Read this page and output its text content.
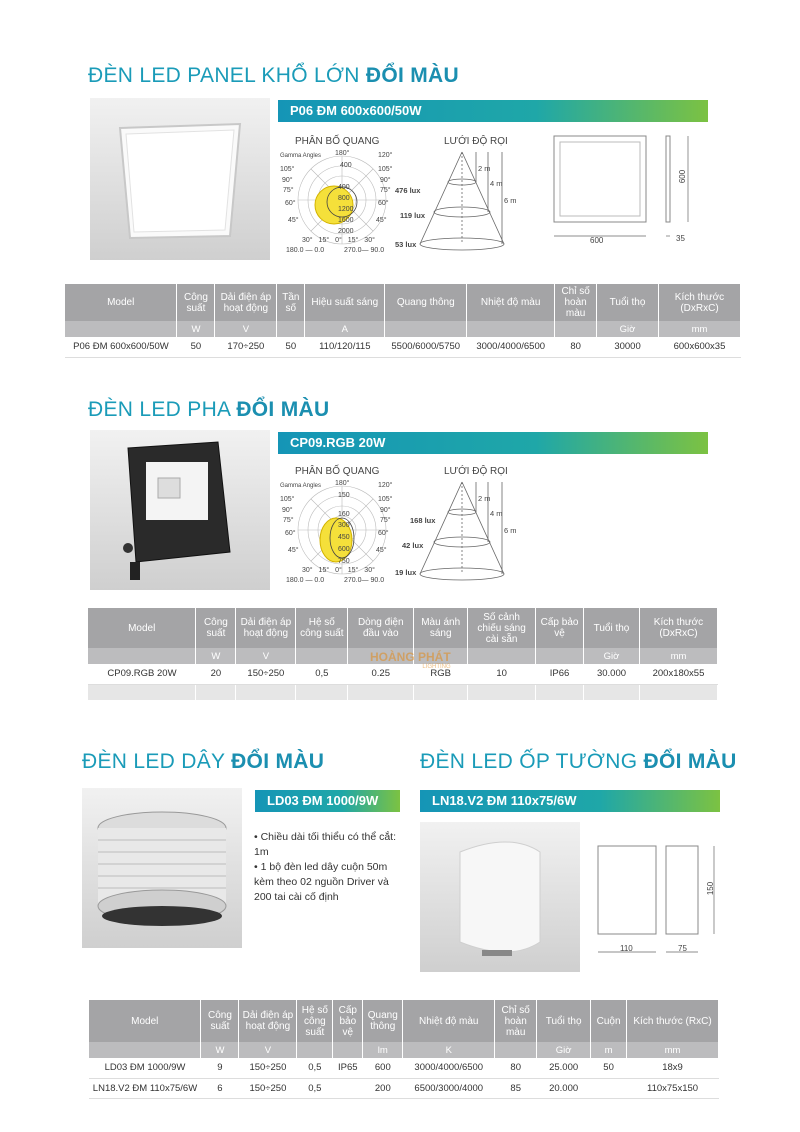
ĐÈN LED PANEL KHỔ LỚN ĐỔI MÀU
P06 ĐM 600x600/50W
PHÂN BỐ QUANG	LƯỚI ĐỘ RỌI
Gamma Angles 180°	120°
105°
90°
75°
60°
45°
105°
90°
75°
60°
45°
400
400
800
1200
1600
2000
30° 15° 0° 15° 30°
180.0 — 0.0	270.0— 90.0
2 m
4 m
6 m
476 lux
119 lux
53 lux	600
600
35
Model	Công suất	Dải điện áp hoạt động	Tần số	Hiệu suất sáng	Quang thông	Nhiệt độ màu	Chỉ số hoàn màu	Tuổi thọ	Kích thước (DxRxC)
	W	V		A				Giờ	mm
P06 ĐM 600x600/50W	50	170÷250	50	110/120/115	5500/6000/5750	3000/4000/6500	80	30000	600x600x35
ĐÈN LED PHA ĐỔI MÀU
CP09.RGB 20W
PHÂN BỐ QUANG	LƯỚI ĐỘ RỌI
Gamma Angles 180°	120°
105°
90°
75°
60°
45°
105°
90°
75°
60°
45°
150
160
300
450
600
750
30° 15° 0° 15° 30°
180.0 — 0.0	270.0— 90.0
2 m
4 m
6 m
168 lux
42 lux
19 lux
Model	Công suất	Dải điện áp hoạt động	Hệ số công suất	Dòng điện đầu vào	Màu ánh sáng	Số cảnh chiếu sáng cài sẵn	Cấp bảo vệ	Tuổi thọ	Kích thước (DxRxC)
	W	V						Giờ	mm
CP09.RGB 20W	20	150÷250	0,5	0.25	RGB	10	IP66	30.000	200x180x55

HOÀNG PHÁT
LIGHTING
ĐÈN LED DÂY ĐỔI MÀU	ĐÈN LED ỐP TƯỜNG ĐỔI MÀU
LD03 ĐM 1000/9W
• Chiều dài tối thiểu có thể cắt: 1m
• 1 bộ đèn led dây cuộn 50m kèm theo 02 nguồn Driver và 200 tai cài cố định
LN18.V2 ĐM 110x75/6W
110	75
150
Model	Công suất	Dải điện áp hoạt động	Hệ số công suất	Cấp bảo vệ	Quang thông	Nhiệt độ màu	Chỉ số hoàn màu	Tuổi thọ	Cuộn	Kích thước (RxC)
	W	V			lm	K		Giờ	m	mm
LD03 ĐM 1000/9W	9	150÷250	0,5	IP65	600	3000/4000/6500	80	25.000	50	18x9
LN18.V2 ĐM 110x75/6W	6	150÷250	0,5		200	6500/3000/4000	85	20.000		110x75x150
